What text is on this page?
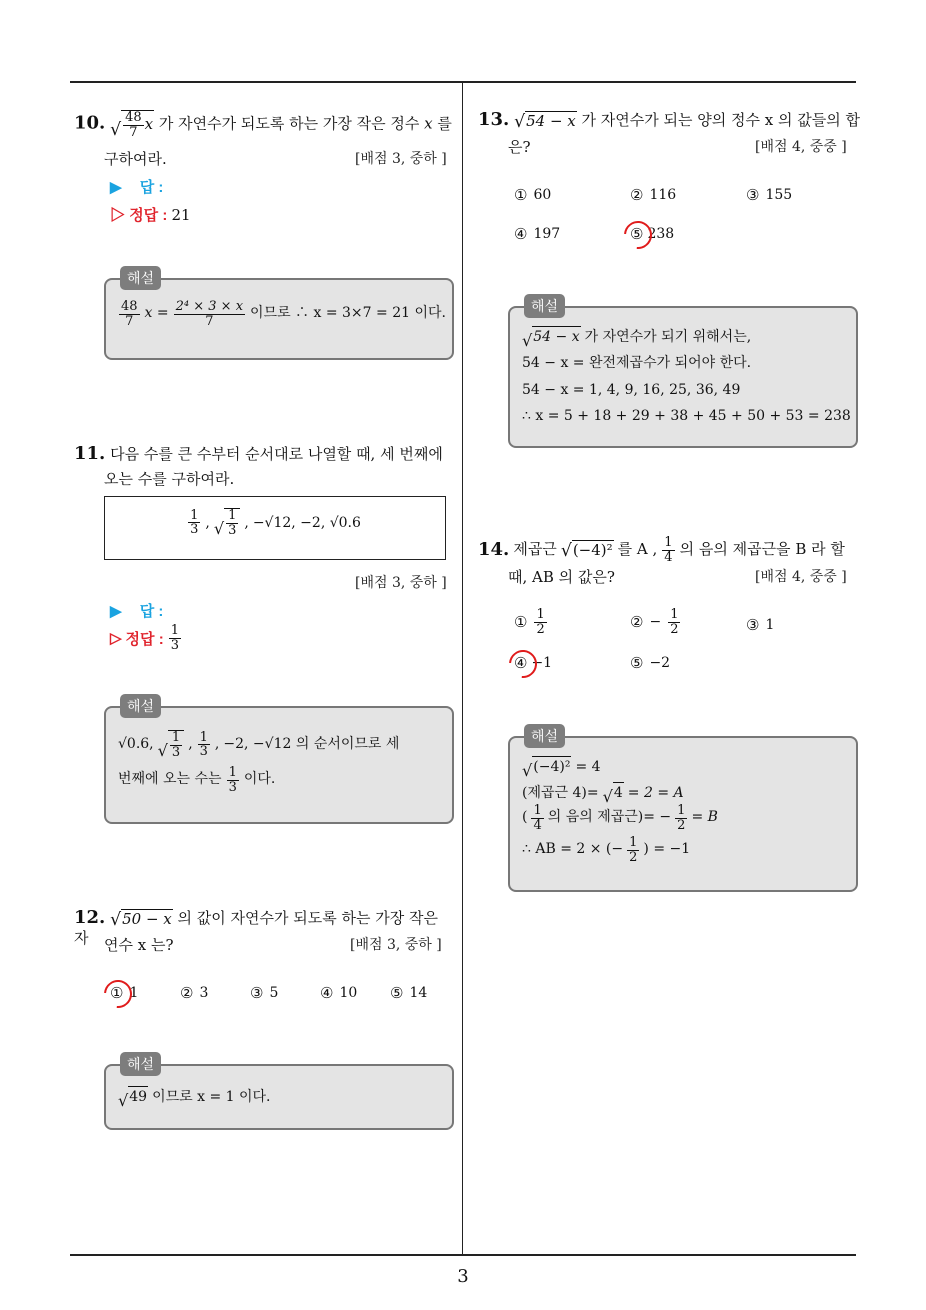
3
10. √ $\frac{48}{7}$ x 가 자연수가 되도록 하는 가장 작은 정수 x 를
구하여라.	[배점 3, 중하 ]
▶ 답 :
▷ 정답 : 21
해설
$\frac{48}{7}$ $x = \frac{\text{2⁴ × 3 × x}}{7}$ 이므로 ∴ x = 3×7 = 21 이다.
11. 다음 수를 큰 수부터 순서대로 나열할 때, 세 번째에
오는 수를 구하여라.
$\frac{1}{3}$ , √ $\frac{1}{3}$ , −√12, −2, √0.6
[배점 3, 중하 ]
▶ 답 :
▷ 정답 : $\frac{1}{3}$
해설
√0.6, √ $\frac{1}{3}$ , $\frac{1}{3}$ , −2, −√12 의 순서이므로 세
번째에 오는 수는 $\frac{1}{3}$ 이다.
12. √ 50 − x 의 값이 자연수가 되도록 하는 가장 작은 자	연수 x 는?	[배점 3, 중하 ]
① 1	② 3	③ 5	④ 10 ⑤ 14
해설
√ 49 이므로 x = 1 이다.
13. √ 54 − x 가 자연수가 되는 양의 정수 x 의 값들의 합
은?	[배점 4, 중중 ]
① 60	② 116	③ 155
④ 197	⑤ 238
해설
√ 54 − x 가 자연수가 되기 위해서는,
54 − x = 완전제곱수가 되어야 한다.
54 − x = 1, 4, 9, 16, 25, 36, 49
∴ x = 5 + 18 + 29 + 38 + 45 + 50 + 53 = 238
14. 제곱근 √ (−4)² 를 A , $\frac{1}{4}$ 의 음의 제곱근을 B 라 할
때, AB 의 값은?	[배점 4, 중중 ]
① $\frac{1}{2}$	② − $\frac{1}{2}$	③ 1
④ −1	⑤ −2
해설
√ (−4)² = 4
(제곱근 4)= √ 4 = 2 = A
( $\frac{1}{4}$ 의 음의 제곱근)= − $\frac{1}{2} = B$
∴ AB = 2 × (− $\frac{1}{2}$ ) = −1
